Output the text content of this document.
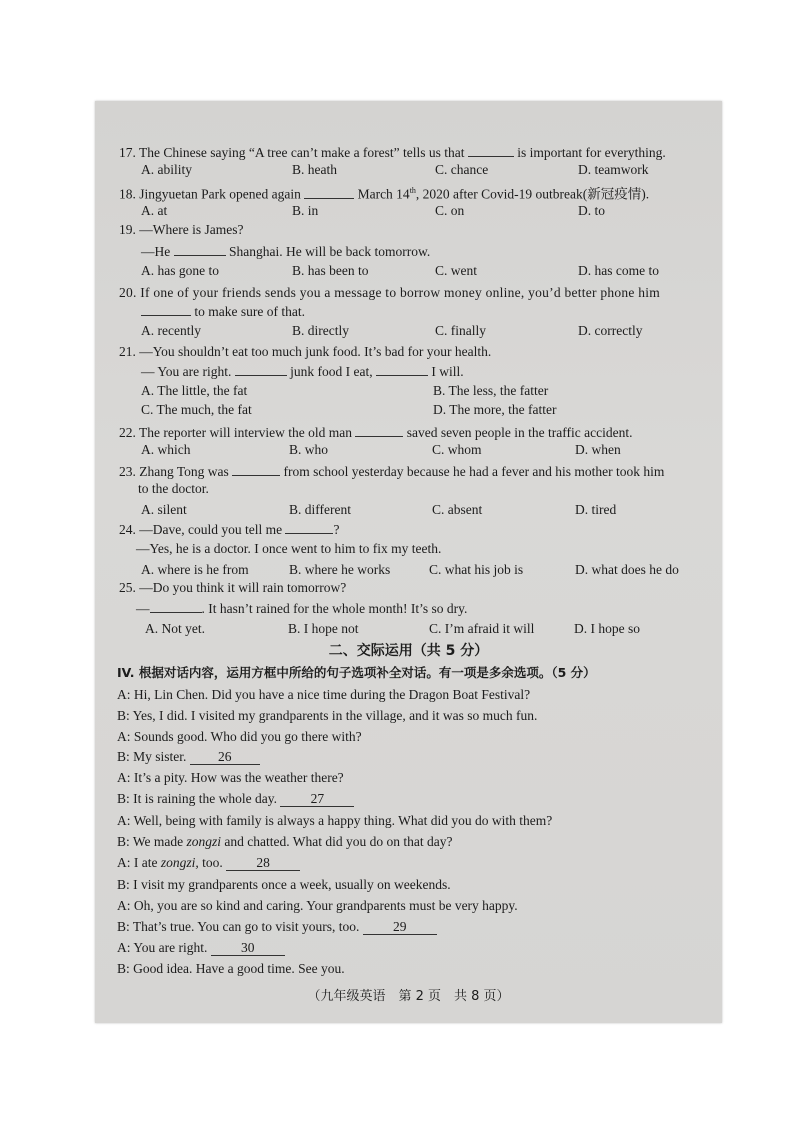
17. The Chinese saying “A tree can’t make a forest” tells us that	is important for everything.
A. ability	B. heath	C. chance	D. teamwork
18. Jingyuetan Park opened again	March 14th, 2020 after Covid-19 outbreak(新冠疫情).
A. at	B. in	C. on	D. to
19. —Where is James?
—He	Shanghai. He will be back tomorrow.
A. has gone to	B. has been to	C. went	D. has come to
20. If one of your friends sends you a message to borrow money online, you’d better phone him
to make sure of that.
A. recently	B. directly	C. finally	D. correctly
21. —You shouldn’t eat too much junk food. It’s bad for your health.
— You are right.	junk food I eat,	I will.
A. The little, the fat	B. The less, the fatter
C. The much, the fat	D. The more, the fatter
22. The reporter will interview the old man	saved seven people in the traffic accident.
A. which	B. who	C. whom	D. when
23. Zhang Tong was	from school yesterday because he had a fever and his mother took him
to the doctor.
A. silent	B. different	C. absent	D. tired
24. —Dave, could you tell me	?
—Yes, he is a doctor. I once went to him to fix my teeth.
A. where is he from	B. where he works	C. what his job is	D. what does he do
25. —Do you think it will rain tomorrow?
—	. It hasn’t rained for the whole month! It’s so dry.
A. Not yet.	B. I hope not	C. I’m afraid it will	D. I hope so
二、交际运用（共 5 分）
IV. 根据对话内容，运用方框中所给的句子选项补全对话。有一项是多余选项。（5 分）
A: Hi, Lin Chen. Did you have a nice time during the Dragon Boat Festival?
B: Yes, I did. I visited my grandparents in the village, and it was so much fun.
A: Sounds good. Who did you go there with?
B: My sister. 26
A: It’s a pity. How was the weather there?
B: It is raining the whole day. 27
A: Well, being with family is always a happy thing. What did you do with them?
B: We made zongzi and chatted. What did you do on that day?
A: I ate zongzi, too. 28
B: I visit my grandparents once a week, usually on weekends.
A: Oh, you are so kind and caring. Your grandparents must be very happy.
B: That’s true. You can go to visit yours, too. 29
A: You are right. 30
B: Good idea. Have a good time. See you.
（九年级英语　第 2 页　共 8 页）
